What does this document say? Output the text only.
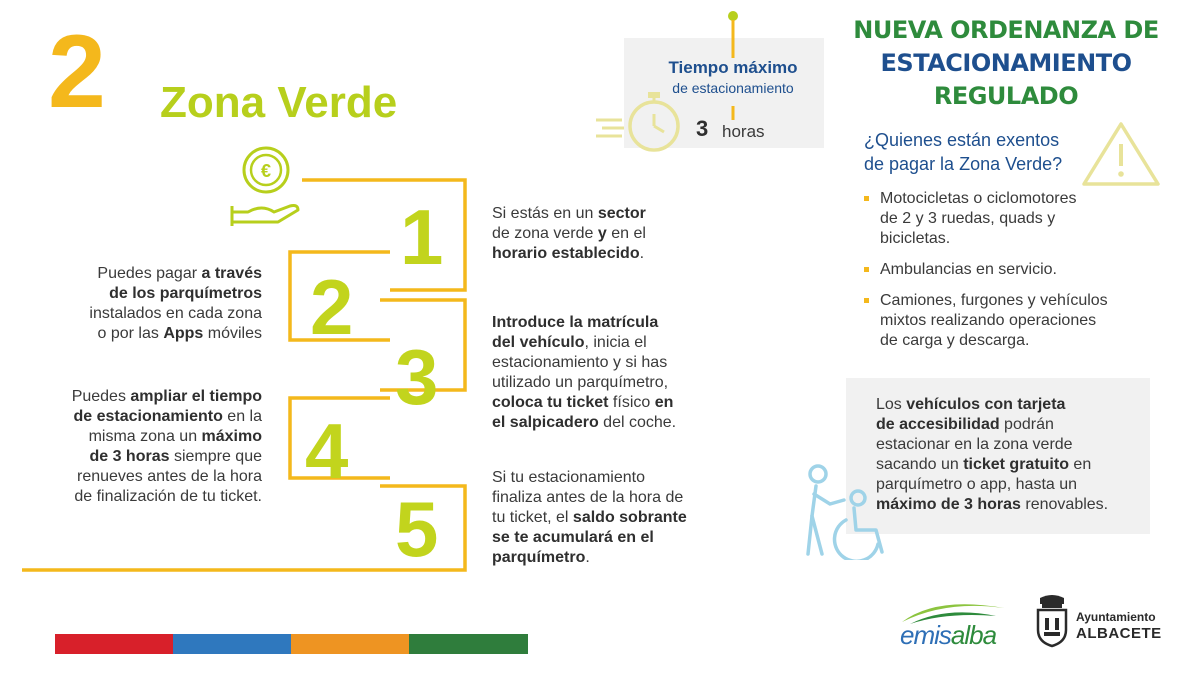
2 Zona Verde
€
1
2
3
4
5
Si estás en un sector
de zona verde y en el
horario establecido.
Puedes pagar a través
de los parquímetros
instalados en cada zona
o por las Apps móviles
Introduce la matrícula
del vehículo, inicia el
estacionamiento y si has
utilizado un parquímetro,
coloca tu ticket físico en
el salpicadero del coche.
Puedes ampliar el tiempo
de estacionamiento en la
misma zona un máximo
de 3 horas siempre que
renueves antes de la hora
de finalización de tu ticket.
Si tu estacionamiento
finaliza antes de la hora de
tu ticket, el saldo sobrante
se te acumulará en el
parquímetro.
Tiempo máximo
de estacionamiento
3 horas
NUEVA ORDENANZA DE
ESTACIONAMIENTO REGULADO
¿Quienes están exentos
de pagar la Zona Verde?
Motocicletas o ciclomotores
de 2 y 3 ruedas, quads y
bicicletas.
Ambulancias en servicio.
Camiones, furgones y vehículos
mixtos realizando operaciones
de carga y descarga.
Los vehículos con tarjeta
de accesibilidad podrán
estacionar en la zona verde
sacando un ticket gratuito en
parquímetro o app, hasta un
máximo de 3 horas renovables.
emisalba
Ayuntamiento
ALBACETE
